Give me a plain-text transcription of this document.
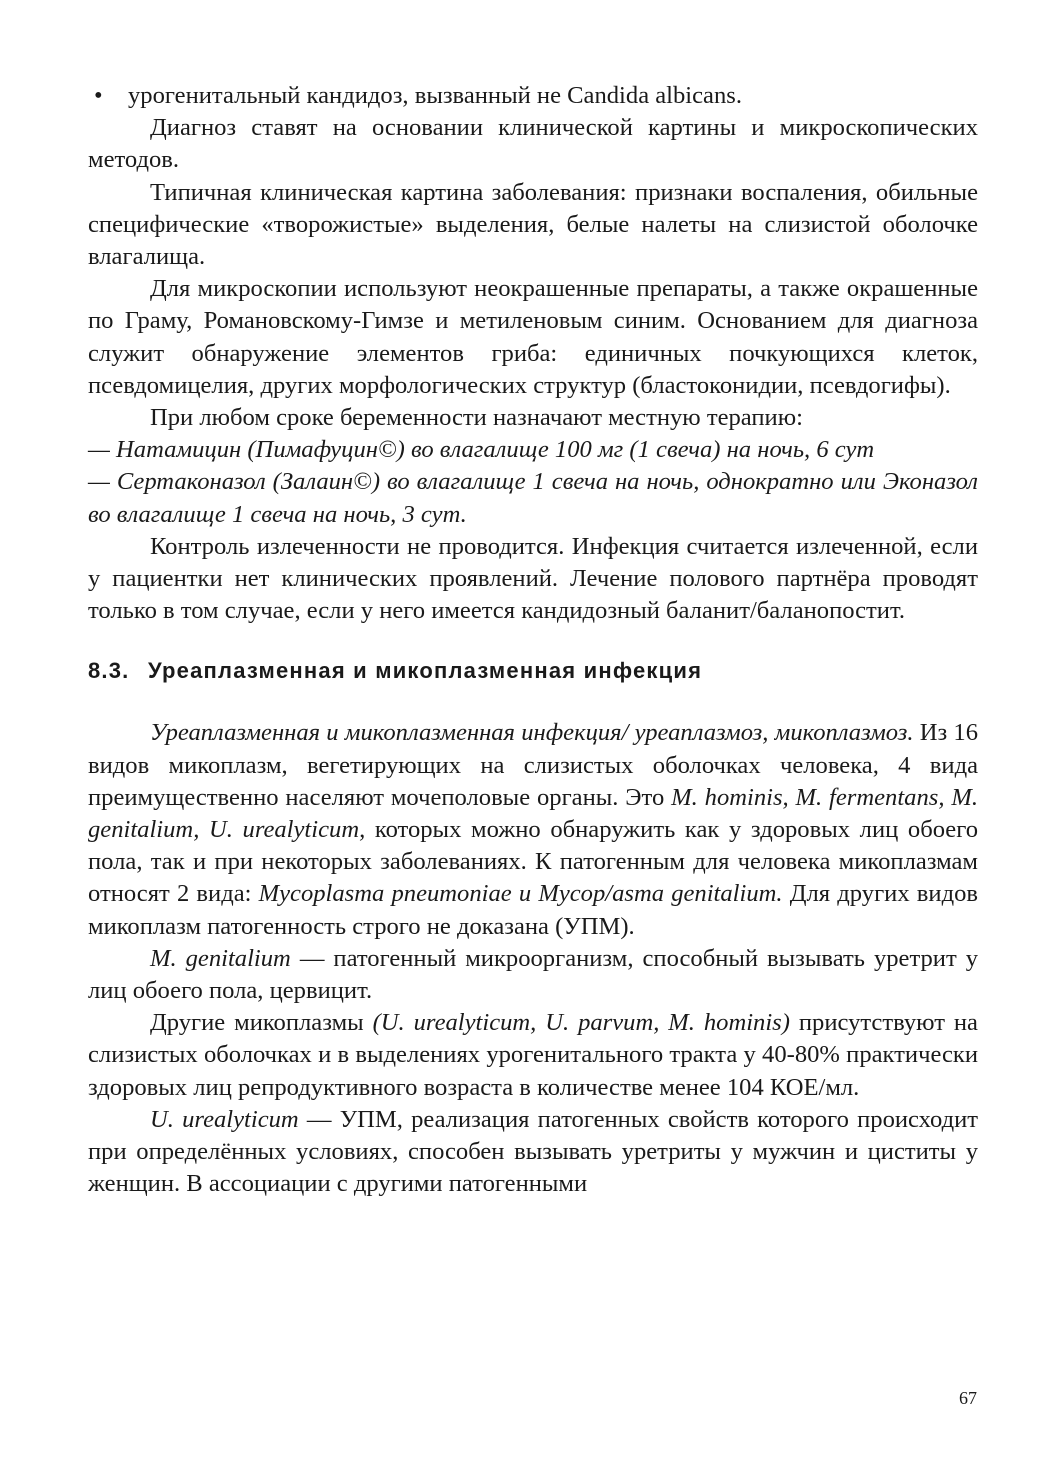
• урогенитальный кандидоз, вызванный не Candida albicans.

Диагноз ставят на основании клинической картины и микроскопических методов.

Типичная клиническая картина заболевания: признаки воспаления, обильные специфические «творожистые» выделения, белые налеты на слизистой оболочке влагалища.

Для микроскопии используют неокрашенные препараты, а также окрашенные по Граму, Романовскому-Гимзе и метиленовым синим. Основанием для диагноза служит обнаружение элементов гриба: единичных почкующихся клеток, псевдомицелия, других морфологических структур (бластоконидии, псевдогифы).

При любом сроке беременности назначают местную терапию:

— Натамицин (Пимафуцин©) во влагалище 100 мг (1 свеча) на ночь, 6 сут

— Сертаконазол (Залаин©) во влагалище 1 свеча на ночь, однократно или Эконазол во влагалище 1 свеча на ночь, 3 сут.

Контроль излеченности не проводится. Инфекция считается излеченной, если у пациентки нет клинических проявлений. Лечение полового партнёра проводят только в том случае, если у него имеется кандидозный баланит/баланопостит.

8.3. Уреаплазменная и микоплазменная инфекция

Уреаплазменная и микоплазменная инфекция/ уреаплазмоз, микоплазмоз. Из 16 видов микоплазм, вегетирующих на слизистых оболочках человека, 4 вида преимущественно населяют мочеполовые органы. Это M. hominis, M. fermentans, M. genitalium, U. urealyticum, которых можно обнаружить как у здоровых лиц обоего пола, так и при некоторых заболеваниях. К патогенным для человека микоплазмам относят 2 вида: Mycoplasma pneumoniae и Mycop/asma genitalium. Для других видов микоплазм патогенность строго не доказана (УПМ).

M. genitalium — патогенный микроорганизм, способный вызывать уретрит у лиц обоего пола, цервицит.

Другие микоплазмы (U. urealyticum, U. parvum, M. hominis) присутствуют на слизистых оболочках и в выделениях урогенитального тракта у 40-80% практически здоровых лиц репродуктивного возраста в количестве менее 104 КОЕ/мл.

U. urealyticum — УПМ, реализация патогенных свойств которого происходит при определённых условиях, способен вызывать уретриты у мужчин и циститы у женщин. В ассоциации с другими патогенными

67
